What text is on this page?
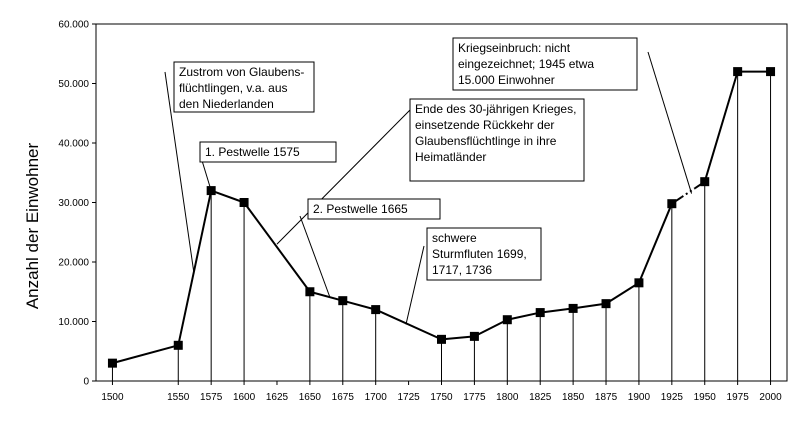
0
10.000
20.000
30.000
40.000
50.000
60.000
1500	1550 1575 1600 1625 1650 1675 1700 1725 1750 1775 1800 1825 1850 1875 1900 1925 1950 1975 2000
Zustrom von Glaubens-
flüchtlingen, v.a. aus
den Niederlanden
1. Pestwelle 1575
Ende des 30-jährigen Krieges,
einsetzende Rückkehr der
Glaubensflüchtlinge in ihre
Heimatländer
2. Pestwelle 1665
schwere
Sturmfluten 1699,
1717, 1736
Kriegseinbruch: nicht
eingezeichnet; 1945 etwa
15.000 Einwohner
Anzahl der Einwohner
